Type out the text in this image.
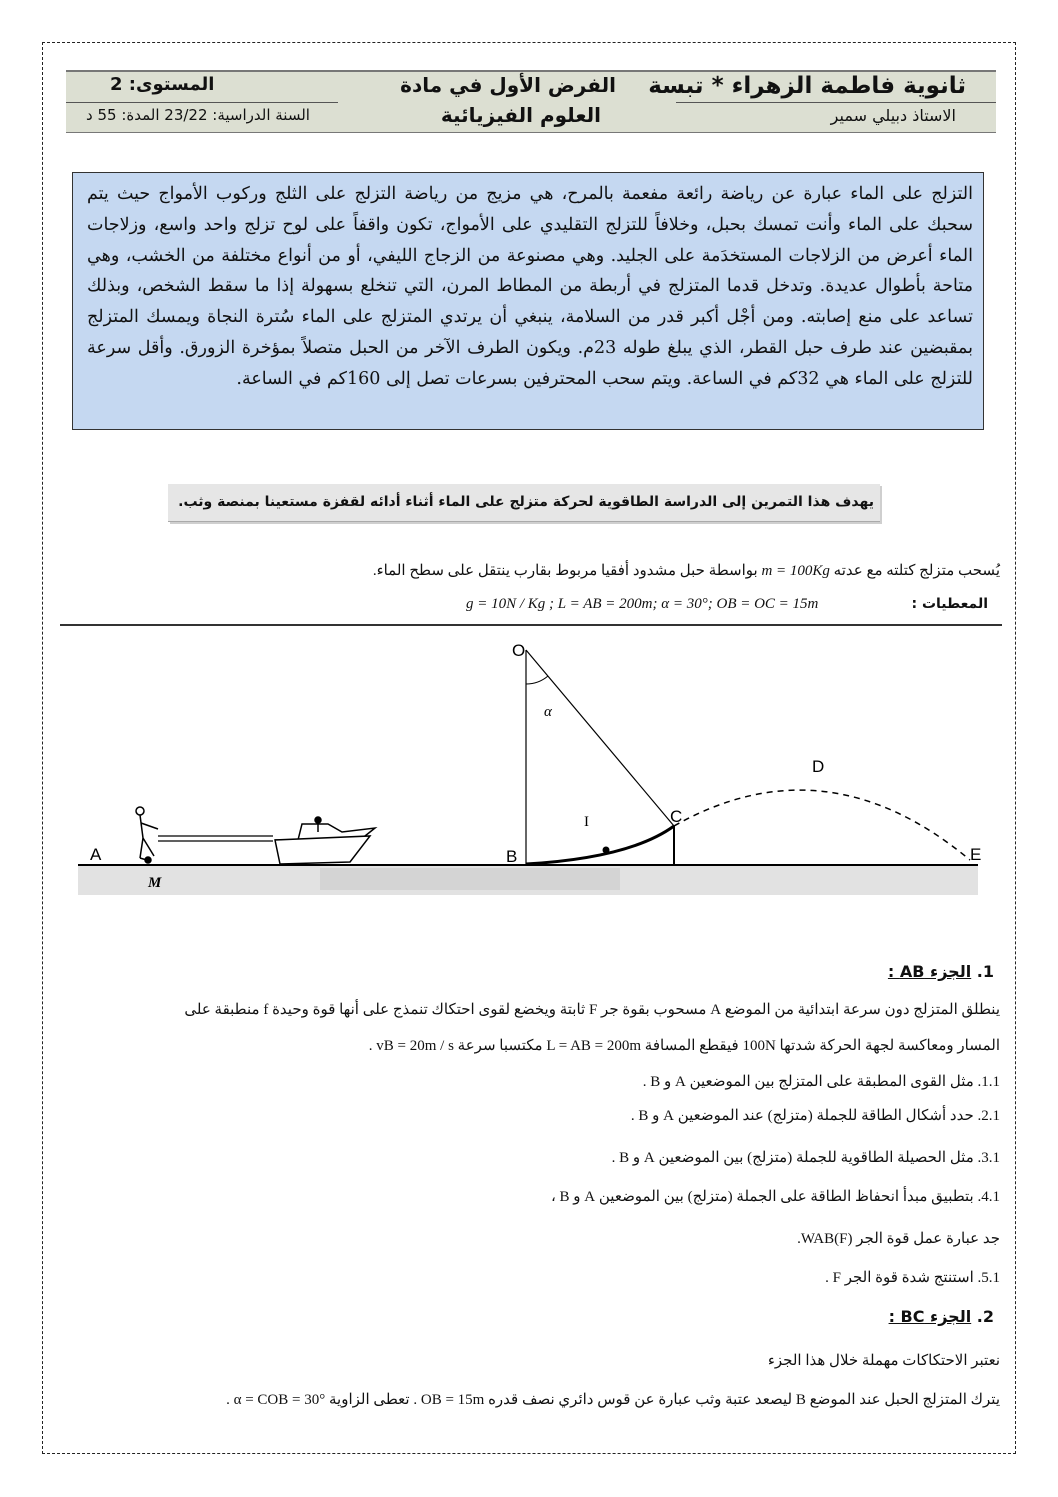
ثانوية فاطمة الزهراء * تبسة
الاستاذ دبيلي سمير
الفرض الأول في مادة
العلوم الفيزيائية
المستوى: 2
السنة الدراسية: 23/22 المدة: 55 د

التزلج على الماء عبارة عن رياضة رائعة مفعمة بالمرح، هي مزيج من رياضة التزلج على الثلج وركوب الأمواج حيث يتم سحبك على الماء وأنت تمسك بحبل، وخلافاً للتزلج التقليدي على الأمواج، تكون واقفاً على لوح تزلج واحد واسع، وزلاجات الماء أعرض من الزلاجات المستخدَمة على الجليد. وهي مصنوعة من الزجاج الليفي، أو من أنواع مختلفة من الخشب، وهي متاحة بأطوال عديدة. وتدخل قدما المتزلج في أربطة من المطاط المرن، التي تنخلع بسهولة إذا ما سقط الشخص، وبذلك تساعد على منع إصابته. ومن أجْل أكبر قدر من السلامة، ينبغي أن يرتدي المتزلج على الماء سُترة النجاة ويمسك المتزلج بمقبضين عند طرف حبل القطر، الذي يبلغ طوله 23م. ويكون الطرف الآخر من الحبل متصلاً بمؤخرة الزورق. وأقل سرعة للتزلج على الماء هي 32كم في الساعة. ويتم سحب المحترفين بسرعات تصل إلى 160كم في الساعة.

يهدف هذا التمرين إلى الدراسة الطاقوية لحركة متزلج على الماء أثناء أدائه لقفزة مستعينا بمنصة وثب.
يُسحب متزلج كتلته مع عدته m = 100Kg بواسطة حبل مشدود أفقيا مربوط بقارب ينتقل على سطح الماء.
المعطيات :
g = 10N / Kg ; L = AB = 200m; α = 30°; OB = OC = 15m
O
α
A
M
B
C
D
E
I
1. الجزء AB :
ينطلق المتزلج دون سرعة ابتدائية من الموضع A مسحوب بقوة جر F ثابتة ويخضع لقوى احتكاك تنمذج على أنها قوة وحيدة f منطبقة على
المسار ومعاكسة لجهة الحركة شدتها 100N فيقطع المسافة L = AB = 200m مكتسبا سرعة vB = 20m / s .
1.1. مثل القوى المطبقة على المتزلج بين الموضعين A و B .
2.1. حدد أشكال الطاقة للجملة (متزلج) عند الموضعين A و B .
3.1. مثل الحصيلة الطاقوية للجملة (متزلج) بين الموضعين A و B .
4.1. بتطبيق مبدأ انحفاظ الطاقة على الجملة (متزلج) بين الموضعين A و B ،
جد عبارة عمل قوة الجر WAB(F).
5.1. استنتج شدة قوة الجر F .
2. الجزء BC :
نعتبر الاحتكاكات مهملة خلال هذا الجزء
يترك المتزلج الحبل عند الموضع B ليصعد عتبة وثب عبارة عن قوس دائري نصف قدره OB = 15m . تعطى الزاوية α = COB = 30° .
